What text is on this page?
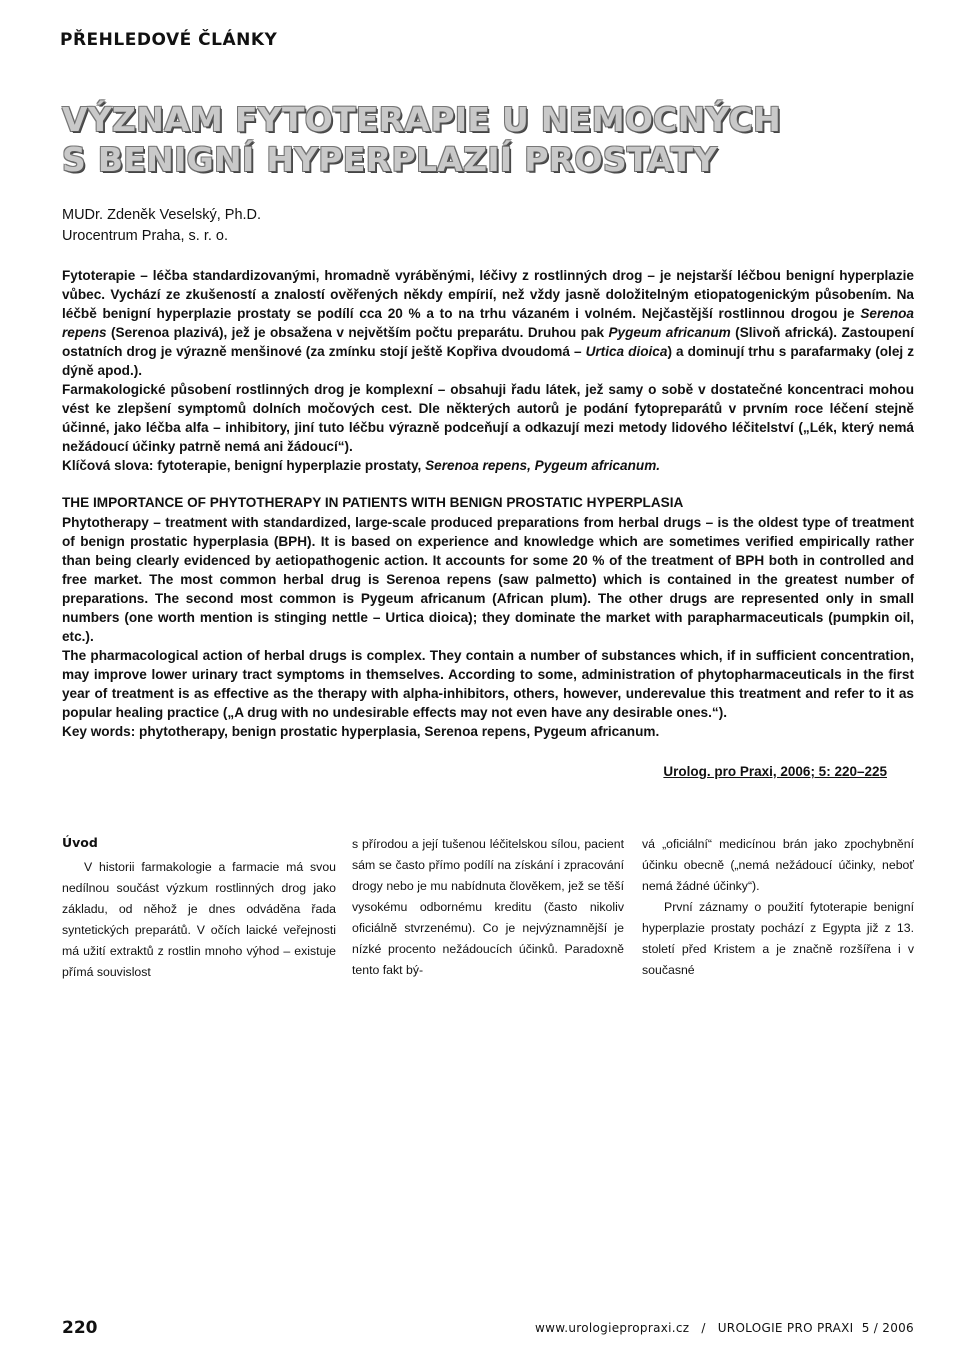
PŘEHLEDOVÉ ČLÁNKY
VÝZNAM FYTOTERAPIE U NEMOCNÝCH
S BENIGNÍ HYPERPLAZIÍ PROSTATY
MUDr. Zdeněk Veselský, Ph.D.
Urocentrum Praha, s. r. o.

Fytoterapie – léčba standardizovanými, hromadně vyráběnými, léčivy z rostlinných drog – je nejstarší léčbou benigní hyperplazie vůbec. Vychází ze zkušeností a znalostí ověřených někdy empírií, než vždy jasně doložitelným etiopatogenickým působením. Na léčbě benigní hyperplazie prostaty se podílí cca 20 % a to na trhu vázaném i volném. Nejčastější rostlinnou drogou je Serenoa repens (Serenoa plazivá), jež je obsažena v největším počtu preparátu. Druhou pak Pygeum africanum (Slivoň africká). Zastoupení ostatních drog je výrazně menšinové (za zmínku stojí ještě Kopřiva dvoudomá – Urtica dioica) a dominují trhu s parafarmaky (olej z dýně apod.).

Farmakologické působení rostlinných drog je komplexní – obsahuji řadu látek, jež samy o sobě v dostatečné koncentraci mohou vést ke zlepšení symptomů dolních močových cest. Dle některých autorů je podání fytopreparátů v prvním roce léčení stejně účinné, jako léčba alfa – inhibitory, jiní tuto léčbu výrazně podceňují a odkazují mezi metody lidového léčitelství („Lék, který nemá nežádoucí účinky patrně nemá ani žádoucí“).

Klíčová slova: fytoterapie, benigní hyperplazie prostaty, Serenoa repens, Pygeum africanum.

THE IMPORTANCE OF PHYTOTHERAPY IN PATIENTS WITH BENIGN PROSTATIC HYPERPLASIA

Phytotherapy – treatment with standardized, large-scale produced preparations from herbal drugs – is the oldest type of treatment of benign prostatic hyperplasia (BPH). It is based on experience and knowledge which are sometimes verified empirically rather than being clearly evidenced by aetiopathogenic action. It accounts for some 20 % of the treatment of BPH both in controlled and free market. The most common herbal drug is Serenoa repens (saw palmetto) which is contained in the greatest number of preparations. The second most common is Pygeum africanum (African plum). The other drugs are represented only in small numbers (one worth mention is stinging nettle – Urtica dioica); they dominate the market with parapharmaceuticals (pumpkin oil, etc.).

The pharmacological action of herbal drugs is complex. They contain a number of substances which, if in sufficient concentration, may improve lower urinary tract symptoms in themselves. According to some, administration of phytopharmaceuticals in the first year of treatment is as effective as the therapy with alpha-inhibitors, others, however, underevalue this treatment and refer to it as popular healing practice („A drug with no undesirable effects may not even have any desirable ones.“).

Key words: phytotherapy, benign prostatic hyperplasia, Serenoa repens, Pygeum africanum.

Urolog. pro Praxi, 2006; 5: 220–225
Úvod

V historii farmakologie a farmacie má svou nedílnou součást výzkum rostlinných drog jako základu, od něhož je dnes odváděna řada syntetických preparátů. V očích laické veřejnosti má užití extraktů z rostlin mnoho výhod – existuje přímá souvislost

s přírodou a její tušenou léčitelskou sílou, pacient sám se často přímo podílí na získání i zpracování drogy nebo je mu nabídnuta člověkem, jež se těší vysokému odbornému kreditu (často nikoliv oficiálně stvrzenému). Co je nejvýznamnější je nízké procento nežádoucích účinků. Paradoxně tento fakt bý-

vá „oficiální“ medicínou brán jako zpochybnění účinku obecně („nemá nežádoucí účinky, neboť nemá žádné účinky“).

První záznamy o použití fytoterapie benigní hyperplazie prostaty pochází z Egypta již z 13. století před Kristem a je značně rozšířena i v současné

220	www.urologiepropraxi.cz / UROLOGIE PRO PRAXI 5 / 2006
